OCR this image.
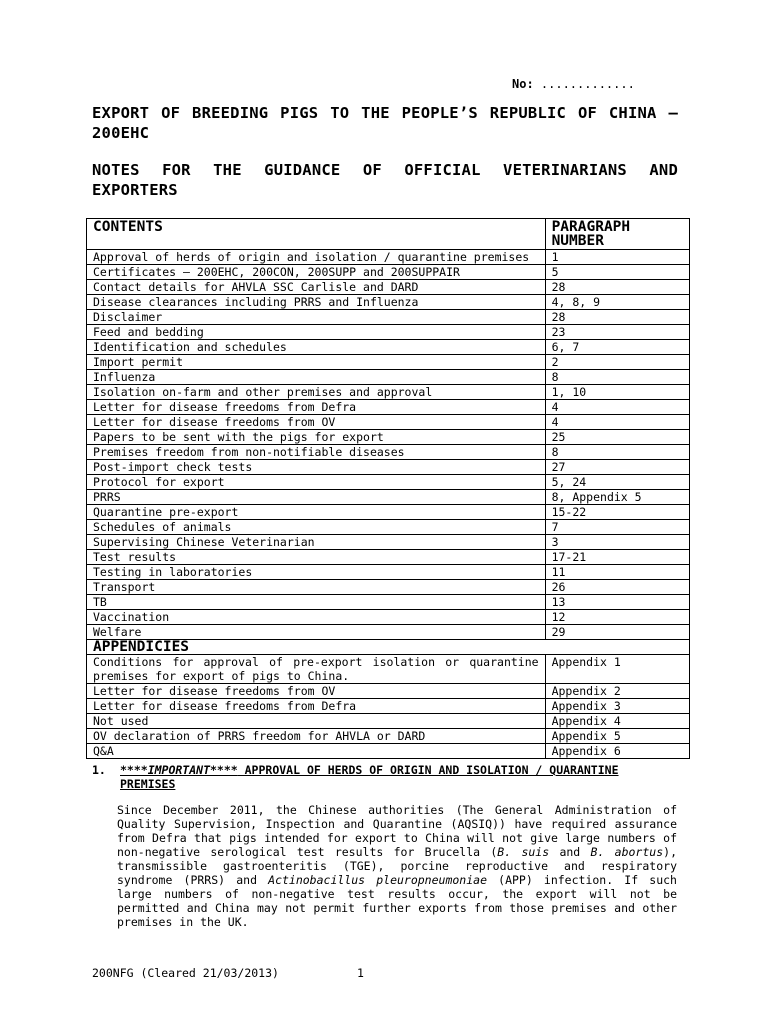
No: .............
EXPORT OF BREEDING PIGS TO THE PEOPLE’S REPUBLIC OF CHINA – 200EHC
NOTES FOR THE GUIDANCE OF OFFICIAL VETERINARIANS AND EXPORTERS
CONTENTS	PARAGRAPH NUMBER
Approval of herds of origin and isolation / quarantine premises	1
Certificates – 200EHC, 200CON, 200SUPP and 200SUPPAIR	5
Contact details for AHVLA SSC Carlisle and DARD	28
Disease clearances including PRRS and Influenza	4, 8, 9
Disclaimer	28
Feed and bedding	23
Identification and schedules	6, 7
Import permit	2
Influenza	8
Isolation on-farm and other premises and approval	1, 10
Letter for disease freedoms from Defra	4
Letter for disease freedoms from OV	4
Papers to be sent with the pigs for export	25
Premises freedom from non-notifiable diseases	8
Post-import check tests	27
Protocol for export	5, 24
PRRS	8, Appendix 5
Quarantine pre-export	15-22
Schedules of animals	7
Supervising Chinese Veterinarian	3
Test results	17-21
Testing in laboratories	11
Transport	26
TB	13
Vaccination	12
Welfare	29
APPENDICIES	
Conditions for approval of pre-export isolation or quarantine premises for export of pigs to China.	Appendix 1
Letter for disease freedoms from OV	Appendix 2
Letter for disease freedoms from Defra	Appendix 3
Not used	Appendix 4
OV declaration of PRRS freedom for AHVLA or DARD	Appendix 5
Q&A	Appendix 6
1. ****IMPORTANT**** APPROVAL OF HERDS OF ORIGIN AND ISOLATION / QUARANTINE PREMISES
Since December 2011, the Chinese authorities (The General Administration of Quality Supervision, Inspection and Quarantine (AQSIQ)) have required assurance from Defra that pigs intended for export to China will not give large numbers of non-negative serological test results for Brucella (B. suis and B. abortus), transmissible gastroenteritis (TGE), porcine reproductive and respiratory syndrome (PRRS) and Actinobacillus pleuropneumoniae (APP) infection. If such large numbers of non-negative test results occur, the export will not be permitted and China may not permit further exports from those premises and other premises in the UK.
200NFG (Cleared 21/03/2013)	1
